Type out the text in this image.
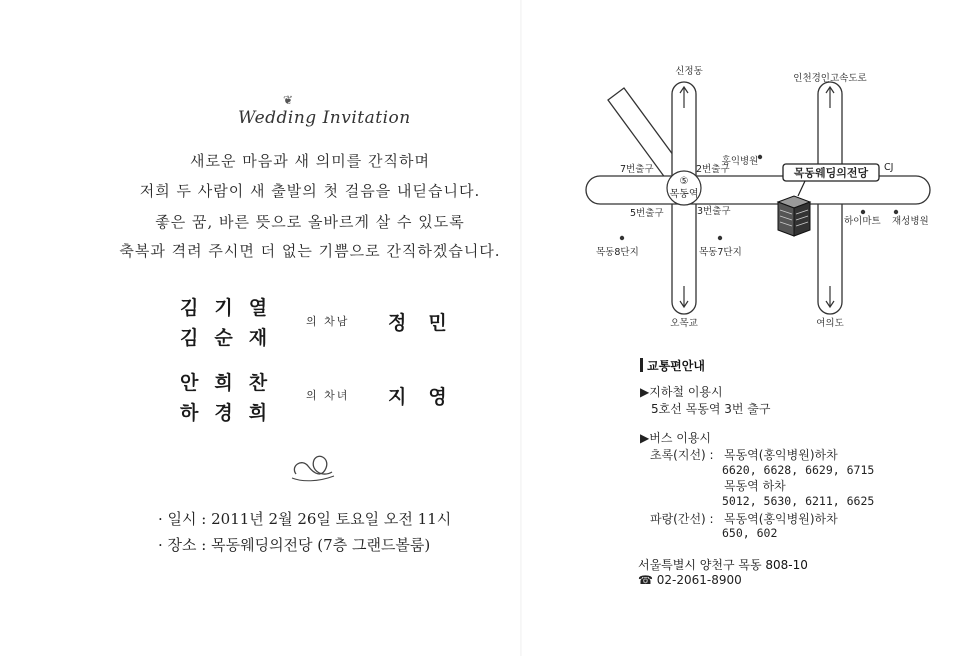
❦
Wedding Invitation
새로운 마음과 새 의미를 간직하며
저희 두 사람이 새 출발의 첫 걸음을 내딛습니다.
좋은 꿈, 바른 뜻으로 올바르게 살 수 있도록
축복과 격려 주시면 더 없는 기쁨으로 간직하겠습니다.
김기열
김순재
의 차남 정민
안희찬
하경희
의 차녀 지영
· 일시 : 2011년 2월 26일 토요일 오전 11시
· 장소 : 목동웨딩의전당 (7층 그랜드볼룸)
⑤
목동역
목동웨딩의전당
신정동
인천경인고속도로
7번출구	2번출구
5번출구	3번출구
홍익병원
CJ
하이마트 재성병원
목동8단지	목동7단지
오목교	여의도
교통편안내
▶지하철 이용시
5호선 목동역 3번 출구
▶버스 이용시
초록(지선) : 목동역(홍익병원)하차
6620, 6628, 6629, 6715
목동역 하차
5012, 5630, 6211, 6625
파랑(간선) : 목동역(홍익병원)하차
650, 602
서울특별시 양천구 목동 808-10
☎ 02-2061-8900
